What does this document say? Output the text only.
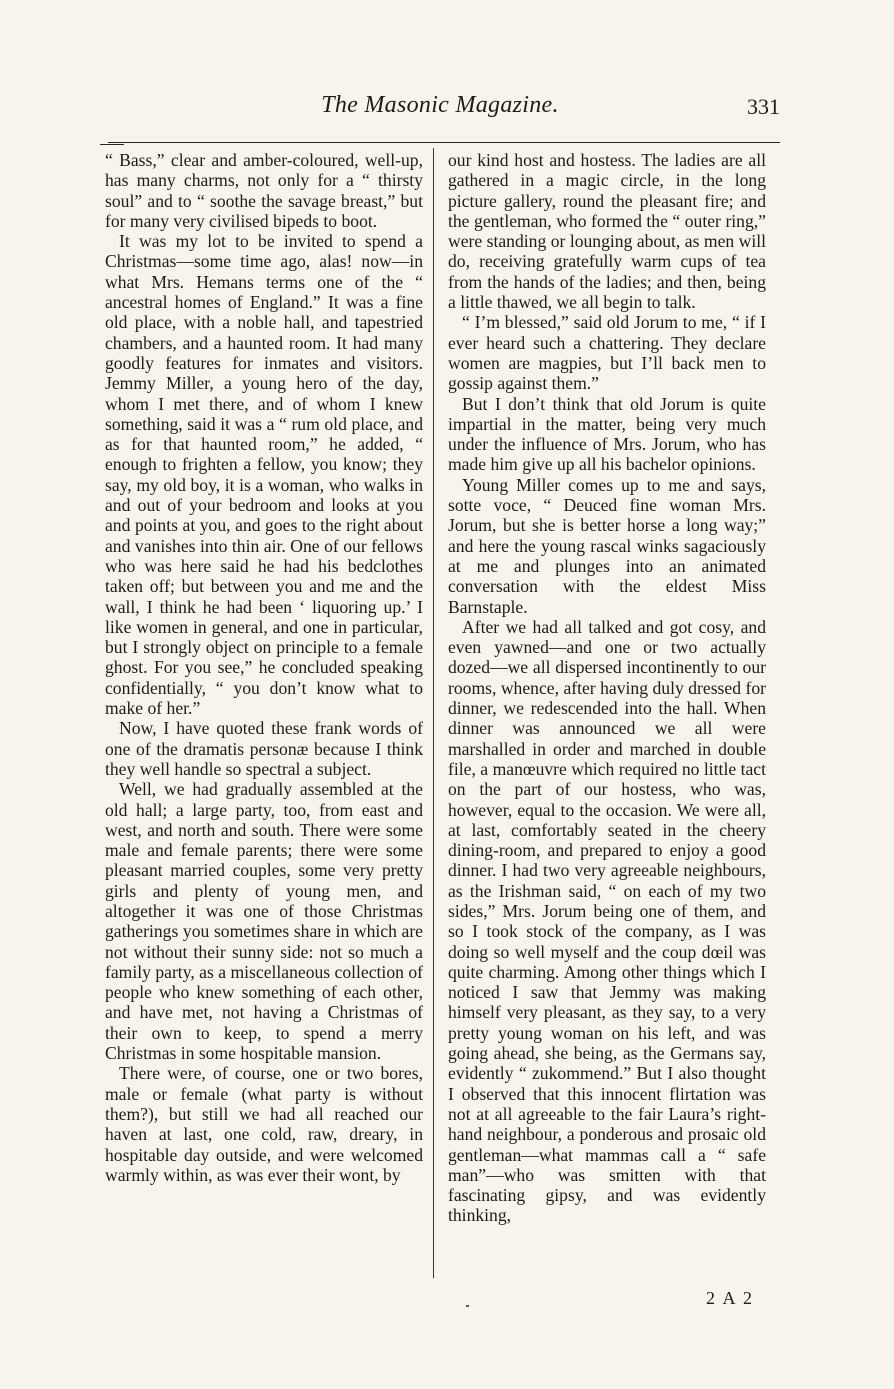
The Masonic Magazine.	331

“ Bass,” clear and amber-coloured, well-up, has many charms, not only for a “ thirsty soul” and to “ soothe the savage breast,” but for many very civilised bipeds to boot.

It was my lot to be invited to spend a Christmas—some time ago, alas! now—in what Mrs. Hemans terms one of the “ ancestral homes of England.” It was a fine old place, with a noble hall, and tapestried chambers, and a haunted room. It had many goodly features for inmates and visitors. Jemmy Miller, a young hero of the day, whom I met there, and of whom I knew something, said it was a “ rum old place, and as for that haunted room,” he added, “ enough to frighten a fellow, you know; they say, my old boy, it is a woman, who walks in and out of your bedroom and looks at you and points at you, and goes to the right about and vanishes into thin air. One of our fellows who was here said he had his bedclothes taken off; but between you and me and the wall, I think he had been ‘ liquoring up.’ I like women in general, and one in particular, but I strongly object on principle to a female ghost. For you see,” he concluded speaking confidentially, “ you don’t know what to make of her.”

Now, I have quoted these frank words of one of the dramatis personæ because I think they well handle so spectral a subject.

Well, we had gradually assembled at the old hall; a large party, too, from east and west, and north and south. There were some male and female parents; there were some pleasant married couples, some very pretty girls and plenty of young men, and altogether it was one of those Christmas gatherings you sometimes share in which are not without their sunny side: not so much a family party, as a miscellaneous collection of people who knew something of each other, and have met, not having a Christmas of their own to keep, to spend a merry Christmas in some hospitable mansion.

There were, of course, one or two bores, male or female (what party is without them?), but still we had all reached our haven at last, one cold, raw, dreary, in hospitable day outside, and were welcomed warmly within, as was ever their wont, by

our kind host and hostess. The ladies are all gathered in a magic circle, in the long picture gallery, round the pleasant fire; and the gentleman, who formed the “ outer ring,” were standing or lounging about, as men will do, receiving gratefully warm cups of tea from the hands of the ladies; and then, being a little thawed, we all begin to talk.

“ I’m blessed,” said old Jorum to me, “ if I ever heard such a chattering. They declare women are magpies, but I’ll back men to gossip against them.”

But I don’t think that old Jorum is quite impartial in the matter, being very much under the influence of Mrs. Jorum, who has made him give up all his bachelor opinions.

Young Miller comes up to me and says, sotte voce, “ Deuced fine woman Mrs. Jorum, but she is better horse a long way;” and here the young rascal winks sagaciously at me and plunges into an animated conversation with the eldest Miss Barnstaple.

After we had all talked and got cosy, and even yawned—and one or two actually dozed—we all dispersed incontinently to our rooms, whence, after having duly dressed for dinner, we redescended into the hall. When dinner was announced we all were marshalled in order and marched in double file, a manœuvre which required no little tact on the part of our hostess, who was, however, equal to the occasion. We were all, at last, comfortably seated in the cheery dining-room, and prepared to enjoy a good dinner. I had two very agreeable neighbours, as the Irishman said, “ on each of my two sides,” Mrs. Jorum being one of them, and so I took stock of the company, as I was doing so well myself and the coup dœil was quite charming. Among other things which I noticed I saw that Jemmy was making himself very pleasant, as they say, to a very pretty young woman on his left, and was going ahead, she being, as the Germans say, evidently “ zukommend.” But I also thought I observed that this innocent flirtation was not at all agreeable to the fair Laura’s right-hand neighbour, a ponderous and prosaic old gentleman—what mammas call a “ safe man”—who was smitten with that fascinating gipsy, and was evidently thinking,

2 A 2
